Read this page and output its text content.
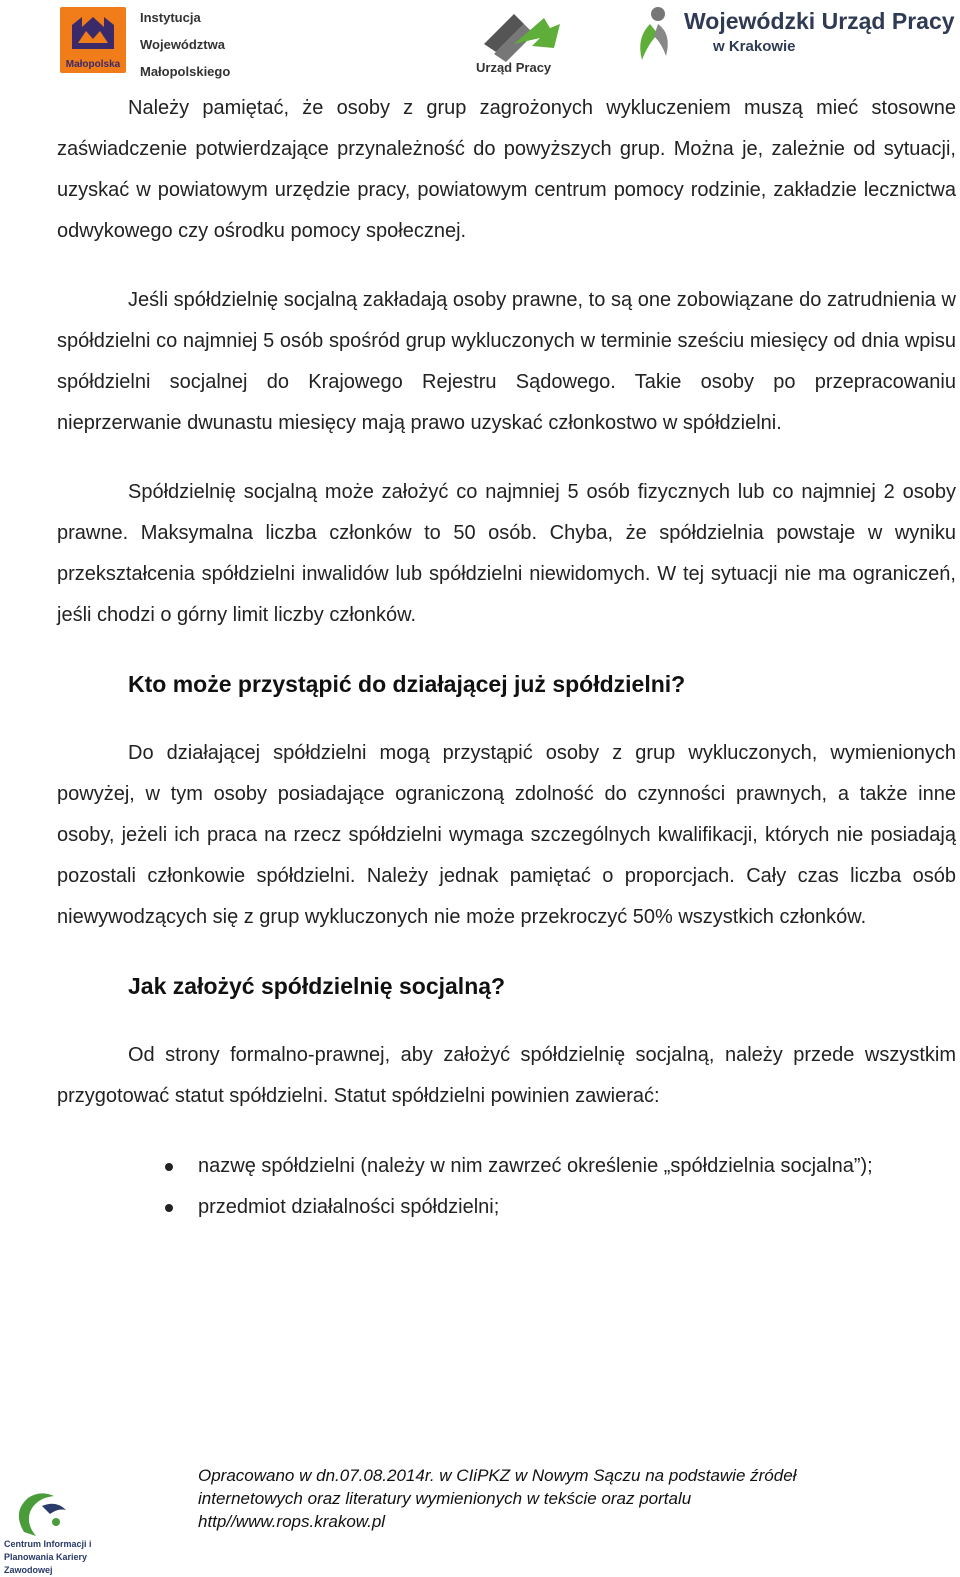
Małopolska
Instytucja
Województwa
Małopolskiego	Urząd Pracy
Wojewódzki Urząd Pracy
w Krakowie

Należy pamiętać, że osoby z grup zagrożonych wykluczeniem muszą mieć stosowne zaświadczenie potwierdzające przynależność do powyższych grup. Można je, zależnie od sytuacji, uzyskać w powiatowym urzędzie pracy, powiatowym centrum pomocy rodzinie, zakładzie lecznictwa odwykowego czy ośrodku pomocy społecznej.

Jeśli spółdzielnię socjalną zakładają osoby prawne, to są one zobowiązane do zatrudnienia w spółdzielni co najmniej 5 osób spośród grup wykluczonych w terminie sześciu miesięcy od dnia wpisu spółdzielni socjalnej do Krajowego Rejestru Sądowego. Takie osoby po przepracowaniu nieprzerwanie dwunastu miesięcy mają prawo uzyskać członkostwo w spółdzielni.

Spółdzielnię socjalną może założyć co najmniej 5 osób fizycznych lub co najmniej 2 osoby prawne. Maksymalna liczba członków to 50 osób. Chyba, że spółdzielnia powstaje w wyniku przekształcenia spółdzielni inwalidów lub spółdzielni niewidomych. W tej sytuacji nie ma ograniczeń, jeśli chodzi o górny limit liczby członków.

Kto może przystąpić do działającej już spółdzielni?

Do działającej spółdzielni mogą przystąpić osoby z grup wykluczonych, wymienionych powyżej, w tym osoby posiadające ograniczoną zdolność do czynności prawnych, a także inne osoby, jeżeli ich praca na rzecz spółdzielni wymaga szczególnych kwalifikacji, których nie posiadają pozostali członkowie spółdzielni. Należy jednak pamiętać o proporcjach. Cały czas liczba osób niewywodzących się z grup wykluczonych nie może przekroczyć 50% wszystkich członków.

Jak założyć spółdzielnię socjalną?

Od strony formalno-prawnej, aby założyć spółdzielnię socjalną, należy przede wszystkim przygotować statut spółdzielni. Statut spółdzielni powinien zawierać:

nazwę spółdzielni (należy w nim zawrzeć określenie „spółdzielnia socjalna”);
przedmiot działalności spółdzielni;
Centrum Informacji i Planowania Kariery Zawodowej
Opracowano w dn.07.08.2014r. w CIiPKZ w Nowym Sączu na podstawie źródeł
internetowych oraz literatury wymienionych w tekście oraz portalu
http//www.rops.krakow.pl
